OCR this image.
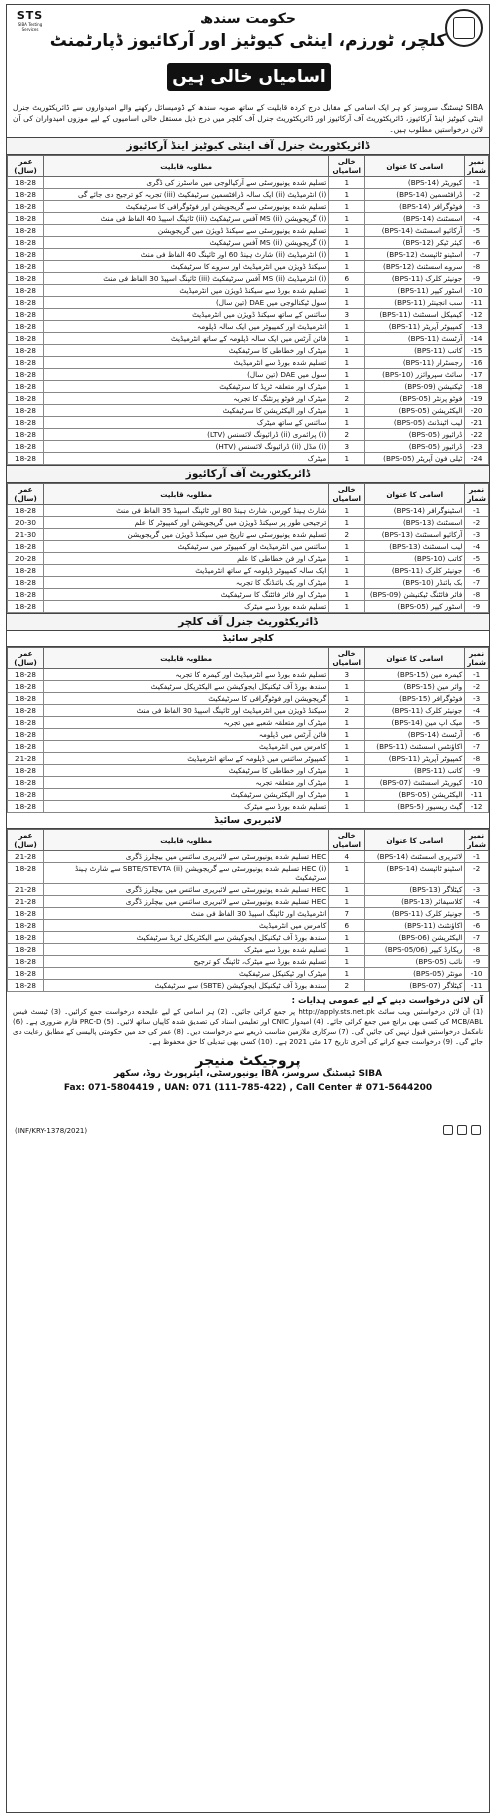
STS
SIBA Testing Services
حکومت سندھ
کلچر، ٹورزم، اینٹی کیوٹیز اور آرکائیوز ڈپارٹمنٹ
اسامیاں خالی ہیں
SIBA ٹیسٹنگ سروسز کو ہر ایک اسامی کے مقابل درج کردہ قابلیت کے ساتھ صوبہ سندھ کے ڈومیسائل رکھنے والے امیدواروں سے ڈائریکٹوریٹ جنرل اینٹی کیوٹیز اینڈ آرکائیوز، ڈائریکٹوریٹ آف آرکائیوز اور ڈائریکٹوریٹ جنرل آف کلچر میں درج ذیل مستقل خالی اسامیوں کے لیے موزوں امیدواران کی آن لائن درخواستیں مطلوب ہیں۔
ڈائریکٹوریٹ جنرل آف اینٹی کیوٹیز اینڈ آرکائیوز
نمبر شمار	اسامی کا عنوان	خالی اسامیاں	مطلوبہ قابلیت	عمر (سال)
1-	کیوریٹر (BPS-14)	1	تسلیم شدہ یونیورسٹی سے آرکیالوجی میں ماسٹرز کی ڈگری	18-28
2-	ڈرافٹسمین (BPS-14)	1	(i) انٹرمیڈیٹ (ii) ایک سالہ ڈرافٹسمین سرٹیفکیٹ (iii) تجربہ کو ترجیح دی جائے گی	18-28
3-	فوٹوگرافر (BPS-14)	1	تسلیم شدہ یونیورسٹی سے گریجویشن اور فوٹوگرافی کا سرٹیفکیٹ	18-28
4-	اسسٹنٹ (BPS-14)	1	(i) گریجویشن (ii) MS آفس سرٹیفکیٹ (iii) ٹائپنگ اسپیڈ 40 الفاظ فی منٹ	18-28
5-	آرکائیو اسسٹنٹ (BPS-14)	1	تسلیم شدہ یونیورسٹی سے سیکنڈ ڈویژن میں گریجویشن	18-28
6-	کیئر ٹیکر (BPS-12)	1	(i) گریجویشن (ii) MS آفس سرٹیفکیٹ	18-28
7-	اسٹینو ٹائپسٹ (BPS-12)	1	(i) انٹرمیڈیٹ (ii) شارٹ ہینڈ 60 اور ٹائپنگ 40 الفاظ فی منٹ	18-28
8-	سروے اسسٹنٹ (BPS-12)	1	سیکنڈ ڈویژن میں انٹرمیڈیٹ اور سروے کا سرٹیفکیٹ	18-28
9-	جونیئر کلرک (BPS-11)	6	(i) انٹرمیڈیٹ (ii) MS آفس سرٹیفکیٹ (iii) ٹائپنگ اسپیڈ 30 الفاظ فی منٹ	18-28
10-	اسٹور کیپر (BPS-11)	1	تسلیم شدہ بورڈ سے سیکنڈ ڈویژن میں انٹرمیڈیٹ	18-28
11-	سب انجینئر (BPS-11)	1	سول ٹیکنالوجی میں DAE (تین سال)	18-28
12-	کیمیکل اسسٹنٹ (BPS-11)	3	سائنس کے ساتھ سیکنڈ ڈویژن میں انٹرمیڈیٹ	18-28
13-	کمپیوٹر آپریٹر (BPS-11)	1	انٹرمیڈیٹ اور کمپیوٹر میں ایک سالہ ڈپلومہ	18-28
14-	آرٹسٹ (BPS-11)	1	فائن آرٹس میں ایک سالہ ڈپلومہ کے ساتھ انٹرمیڈیٹ	18-28
15-	کاتب (BPS-11)	1	میٹرک اور خطاطی کا سرٹیفکیٹ	18-28
16-	رجسٹرار (BPS-11)	1	تسلیم شدہ بورڈ سے انٹرمیڈیٹ	18-28
17-	سائٹ سپروائزر (BPS-10)	1	سول میں DAE (تین سال)	18-28
18-	ٹیکنیشن (BPS-09)	1	میٹرک اور متعلقہ ٹریڈ کا سرٹیفکیٹ	18-28
19-	فوٹو پرنٹر (BPS-05)	2	میٹرک اور فوٹو پرنٹنگ کا تجربہ	18-28
20-	الیکٹریشن (BPS-05)	1	میٹرک اور الیکٹریشن کا سرٹیفکیٹ	18-28
21-	لیب اٹینڈنٹ (BPS-05)	1	سائنس کے ساتھ میٹرک	18-28
22-	ڈرائیور (BPS-05)	2	(i) پرائمری (ii) ڈرائیونگ لائسنس (LTV)	18-28
23-	ڈرائیور (BPS-05)	3	(i) مڈل (ii) ڈرائیونگ لائسنس (HTV)	18-28
24-	ٹیلی فون آپریٹر (BPS-05)	1	میٹرک	18-28
ڈائریکٹوریٹ آف آرکائیوز
نمبر شمار	اسامی کا عنوان	خالی اسامیاں	مطلوبہ قابلیت	عمر (سال)
1-	اسٹینوگرافر (BPS-14)	1	شارٹ ہینڈ کورس، شارٹ ہینڈ 80 اور ٹائپنگ اسپیڈ 35 الفاظ فی منٹ	18-28
2-	اسسٹنٹ (BPS-13)	1	ترجیحی طور پر سیکنڈ ڈویژن میں گریجویشن اور کمپیوٹر کا علم	20-30
3-	آرکائیو اسسٹنٹ (BPS-13)	2	تسلیم شدہ یونیورسٹی سے تاریخ میں سیکنڈ ڈویژن میں گریجویشن	21-30
4-	لیب اسسٹنٹ (BPS-13)	1	سائنس میں انٹرمیڈیٹ اور کمپیوٹر میں سرٹیفکیٹ	18-28
5-	کاتب (BPS-10)	1	میٹرک اور فن خطاطی کا علم	20-28
6-	جونیئر کلرک (BPS-11)	1	ایک سالہ کمپیوٹر ڈپلومہ کے ساتھ انٹرمیڈیٹ	18-28
7-	بک بائنڈر (BPS-10)	1	میٹرک اور بک بائنڈنگ کا تجربہ	18-28
8-	فائر فائٹنگ ٹیکنیشن (BPS-09)	1	میٹرک اور فائر فائٹنگ کا سرٹیفکیٹ	18-28
9-	اسٹور کیپر (BPS-05)	1	تسلیم شدہ بورڈ سے میٹرک	18-28
ڈائریکٹوریٹ جنرل آف کلچر
کلچر سائیڈ
نمبر شمار	اسامی کا عنوان	خالی اسامیاں	مطلوبہ قابلیت	عمر (سال)
1-	کیمرہ مین (BPS-15)	3	تسلیم شدہ بورڈ سے انٹرمیڈیٹ اور کیمرہ کا تجربہ	18-28
2-	وائر مین (BPS-15)	1	سندھ بورڈ آف ٹیکنیکل ایجوکیشن سے الیکٹریکل سرٹیفکیٹ	18-28
3-	فوٹوگرافر (BPS-15)	1	گریجویشن اور فوٹوگرافی کا سرٹیفکیٹ	18-28
4-	جونیئر کلرک (BPS-11)	2	سیکنڈ ڈویژن میں انٹرمیڈیٹ اور ٹائپنگ اسپیڈ 30 الفاظ فی منٹ	18-28
5-	میک اپ مین (BPS-14)	1	میٹرک اور متعلقہ شعبے میں تجربہ	18-28
6-	آرٹسٹ (BPS-14)	1	فائن آرٹس میں ڈپلومہ	18-28
7-	اکاؤنٹس اسسٹنٹ (BPS-11)	1	کامرس میں انٹرمیڈیٹ	18-28
8-	کمپیوٹر آپریٹر (BPS-11)	1	کمپیوٹر سائنس میں ڈپلومہ کے ساتھ انٹرمیڈیٹ	21-28
9-	کاتب (BPS-11)	1	میٹرک اور خطاطی کا سرٹیفکیٹ	18-28
10-	کیوریٹر اسسٹنٹ (BPS-07)	1	میٹرک اور متعلقہ تجربہ	18-28
11-	الیکٹریشن (BPS-05)	1	میٹرک اور الیکٹریشن سرٹیفکیٹ	18-28
12-	گیٹ ریسیور (BPS-5)	1	تسلیم شدہ بورڈ سے میٹرک	18-28
لائبریری سائیڈ
نمبر شمار	اسامی کا عنوان	خالی اسامیاں	مطلوبہ قابلیت	عمر (سال)
1-	لائبریری اسسٹنٹ (BPS-14)	4	HEC تسلیم شدہ یونیورسٹی سے لائبریری سائنس میں بیچلرز ڈگری	21-28
2-	اسٹینو ٹائپسٹ (BPS-14)	1	(i) HEC تسلیم شدہ یونیورسٹی سے گریجویشن (ii) SBTE/STEVTA سے شارٹ ہینڈ سرٹیفکیٹ	18-28
3-	کیٹلاگر (BPS-13)	1	HEC تسلیم شدہ یونیورسٹی سے لائبریری سائنس میں بیچلرز ڈگری	21-28
4-	کلاسیفائر (BPS-13)	1	HEC تسلیم شدہ یونیورسٹی سے لائبریری سائنس میں بیچلرز ڈگری	21-28
5-	جونیئر کلرک (BPS-11)	7	انٹرمیڈیٹ اور ٹائپنگ اسپیڈ 30 الفاظ فی منٹ	18-28
6-	اکاؤنٹنٹ (BPS-11)	6	کامرس میں انٹرمیڈیٹ	18-28
7-	الیکٹریشن (BPS-06)	1	سندھ بورڈ آف ٹیکنیکل ایجوکیشن سے الیکٹریکل ٹریڈ سرٹیفکیٹ	18-28
8-	ریکارڈ کیپر (BPS-05/06)	1	تسلیم شدہ بورڈ سے میٹرک	18-28
9-	نائب (BPS-05)	1	تسلیم شدہ بورڈ سے میٹرک، ٹائپنگ کو ترجیح	18-28
10-	مونٹر (BPS-05)	1	میٹرک اور ٹیکنیکل سرٹیفکیٹ	18-28
11-	کیٹلاگر (BPS-07)	2	سندھ بورڈ آف ٹیکنیکل ایجوکیشن (SBTE) سے سرٹیفکیٹ	18-28
آن لائن درخواست دینے کے لیے عمومی ہدایات :
(1) آن لائن درخواستیں ویب سائٹ http://apply.sts.net.pk پر جمع کرائی جائیں۔ (2) ہر اسامی کے لیے علیحدہ درخواست جمع کرائیں۔ (3) ٹیسٹ فیس MCB/ABL کی کسی بھی برانچ میں جمع کرائی جائے۔ (4) امیدوار CNIC اور تعلیمی اسناد کی تصدیق شدہ کاپیاں ساتھ لائیں۔ (5) PRC-D فارم ضروری ہے۔ (6) نامکمل درخواستیں قبول نہیں کی جائیں گی۔ (7) سرکاری ملازمین مناسب ذریعے سے درخواست دیں۔ (8) عمر کی حد میں حکومتی پالیسی کے مطابق رعایت دی جائے گی۔ (9) درخواست جمع کرانے کی آخری تاریخ 17 مئی 2021 ہے۔ (10) کسی بھی تبدیلی کا حق محفوظ ہے۔
پروجیکٹ منیجر
SIBA ٹیسٹنگ سروسز، IBA یونیورسٹی، ایئرپورٹ روڈ، سکھر
Fax: 071-5804419 , UAN: 071 (111-785-422) , Call Center # 071-5644200
(INF/KRY-1378/2021)
